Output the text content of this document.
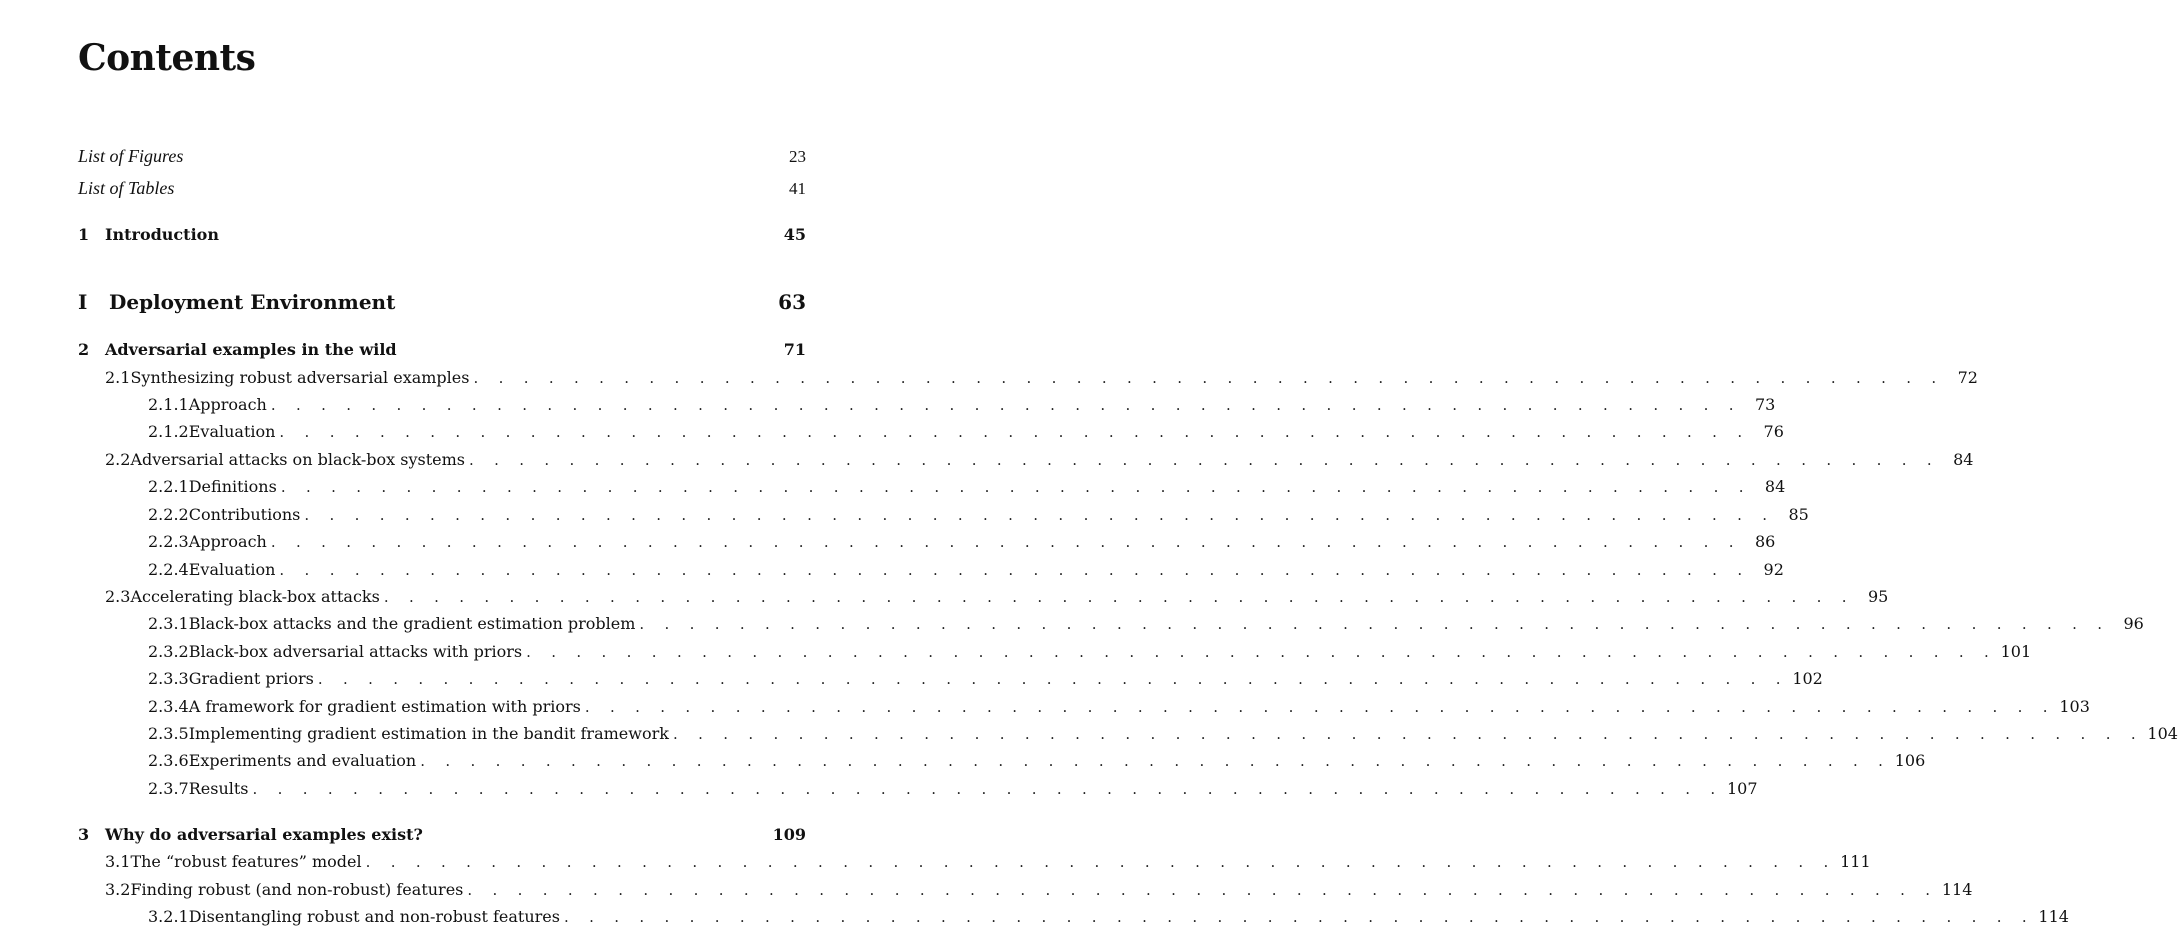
Contents
List of Figures	23
List of Tables	41
1 Introduction	45
I	Deployment Environment	63
2 Adversarial examples in the wild	71
2.1 Synthesizing robust adversarial examples . . . . . . . . . . . . . . . . . . . . . . . . . . . . . . . . . . . . . . . . . . . . . . . . . . . . . . . . . . . 72
2.1.1 Approach . . . . . . . . . . . . . . . . . . . . . . . . . . . . . . . . . . . . . . . . . . . . . . . . . . . . . . . . . . . 73
2.1.2 Evaluation . . . . . . . . . . . . . . . . . . . . . . . . . . . . . . . . . . . . . . . . . . . . . . . . . . . . . . . . . . . 76
2.2 Adversarial attacks on black-box systems . . . . . . . . . . . . . . . . . . . . . . . . . . . . . . . . . . . . . . . . . . . . . . . . . . . . . . . . . . . 84
2.2.1 Definitions . . . . . . . . . . . . . . . . . . . . . . . . . . . . . . . . . . . . . . . . . . . . . . . . . . . . . . . . . . . 84
2.2.2 Contributions . . . . . . . . . . . . . . . . . . . . . . . . . . . . . . . . . . . . . . . . . . . . . . . . . . . . . . . . . . . 85
2.2.3 Approach . . . . . . . . . . . . . . . . . . . . . . . . . . . . . . . . . . . . . . . . . . . . . . . . . . . . . . . . . . . 86
2.2.4 Evaluation . . . . . . . . . . . . . . . . . . . . . . . . . . . . . . . . . . . . . . . . . . . . . . . . . . . . . . . . . . . 92
2.3 Accelerating black-box attacks . . . . . . . . . . . . . . . . . . . . . . . . . . . . . . . . . . . . . . . . . . . . . . . . . . . . . . . . . . . 95
2.3.1 Black-box attacks and the gradient estimation problem . . . . . . . . . . . . . . . . . . . . . . . . . . . . . . . . . . . . . . . . . . . . . . . . . . . . . . . . . . . 96
2.3.2 Black-box adversarial attacks with priors . . . . . . . . . . . . . . . . . . . . . . . . . . . . . . . . . . . . . . . . . . . . . . . . . . . . . . . . . . . 101
2.3.3 Gradient priors . . . . . . . . . . . . . . . . . . . . . . . . . . . . . . . . . . . . . . . . . . . . . . . . . . . . . . . . . . . 102
2.3.4 A framework for gradient estimation with priors . . . . . . . . . . . . . . . . . . . . . . . . . . . . . . . . . . . . . . . . . . . . . . . . . . . . . . . . . . . 103
2.3.5 Implementing gradient estimation in the bandit framework . . . . . . . . . . . . . . . . . . . . . . . . . . . . . . . . . . . . . . . . . . . . . . . . . . . . . . . . . . . 104
2.3.6 Experiments and evaluation . . . . . . . . . . . . . . . . . . . . . . . . . . . . . . . . . . . . . . . . . . . . . . . . . . . . . . . . . . . 106
2.3.7 Results . . . . . . . . . . . . . . . . . . . . . . . . . . . . . . . . . . . . . . . . . . . . . . . . . . . . . . . . . . . 107
3 Why do adversarial examples exist?	109
3.1 The “robust features” model . . . . . . . . . . . . . . . . . . . . . . . . . . . . . . . . . . . . . . . . . . . . . . . . . . . . . . . . . . . 111
3.2 Finding robust (and non-robust) features . . . . . . . . . . . . . . . . . . . . . . . . . . . . . . . . . . . . . . . . . . . . . . . . . . . . . . . . . . . 114
3.2.1 Disentangling robust and non-robust features . . . . . . . . . . . . . . . . . . . . . . . . . . . . . . . . . . . . . . . . . . . . . . . . . . . . . . . . . . . 114
